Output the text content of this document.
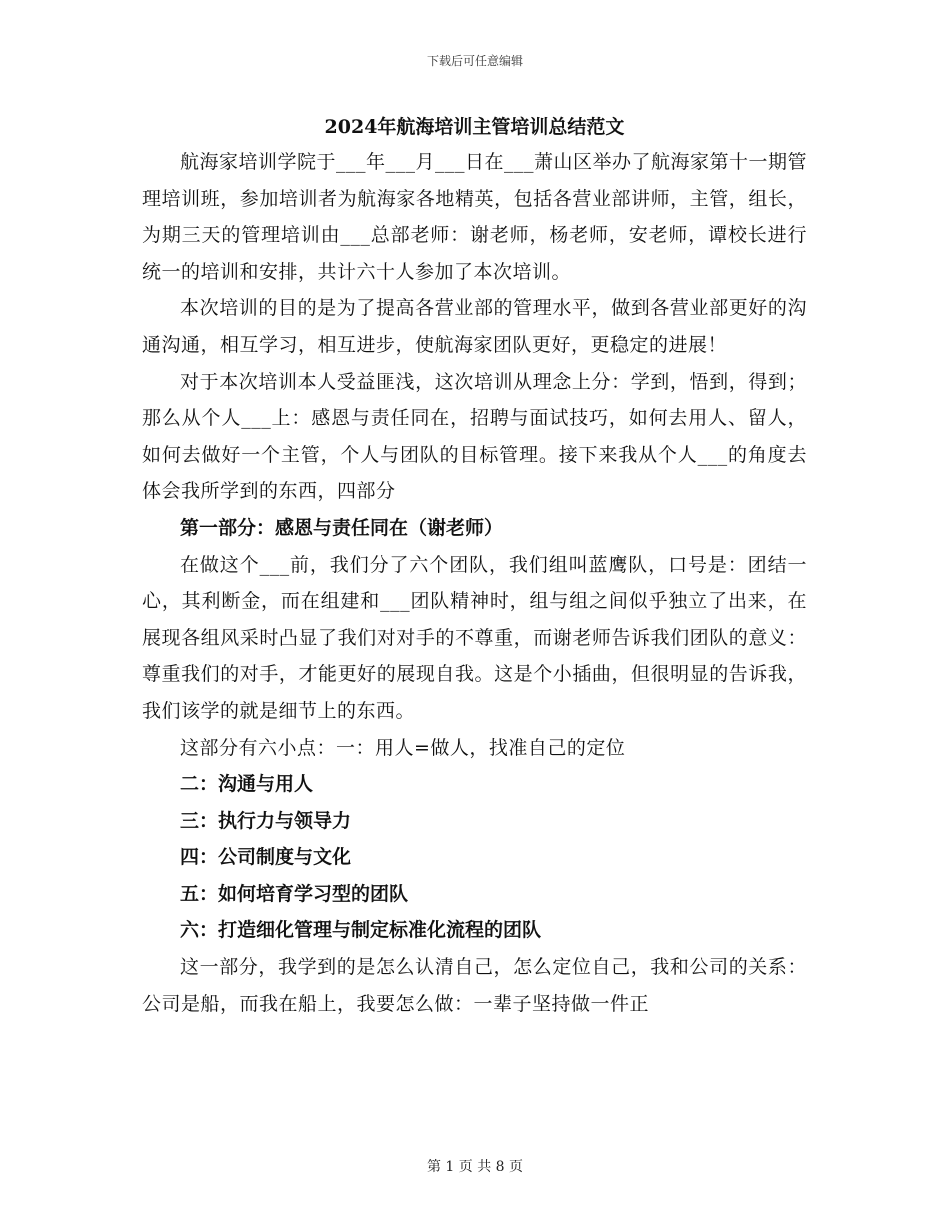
下载后可任意编辑

2024年航海培训主管培训总结范文

航海家培训学院于___年___月___日在___萧山区举办了航海家第十一期管理培训班，参加培训者为航海家各地精英，包括各营业部讲师，主管，组长，为期三天的管理培训由___总部老师：谢老师，杨老师，安老师，谭校长进行统一的培训和安排，共计六十人参加了本次培训。

本次培训的目的是为了提高各营业部的管理水平，做到各营业部更好的沟通沟通，相互学习，相互进步，使航海家团队更好，更稳定的进展！

对于本次培训本人受益匪浅，这次培训从理念上分：学到，悟到，得到；那么从个人___上：感恩与责任同在，招聘与面试技巧，如何去用人、留人，如何去做好一个主管，个人与团队的目标管理。接下来我从个人___的角度去体会我所学到的东西，四部分

第一部分：感恩与责任同在（谢老师）

在做这个___前，我们分了六个团队，我们组叫蓝鹰队，口号是：团结一心，其利断金，而在组建和___团队精神时，组与组之间似乎独立了出来，在展现各组风采时凸显了我们对对手的不尊重，而谢老师告诉我们团队的意义：尊重我们的对手，才能更好的展现自我。这是个小插曲，但很明显的告诉我，我们该学的就是细节上的东西。

这部分有六小点：一：用人=做人，找准自己的定位

二：沟通与用人

三：执行力与领导力

四：公司制度与文化

五：如何培育学习型的团队

六：打造细化管理与制定标准化流程的团队

这一部分，我学到的是怎么认清自己，怎么定位自己，我和公司的关系：公司是船，而我在船上，我要怎么做：一辈子坚持做一件正

第 1 页 共 8 页
